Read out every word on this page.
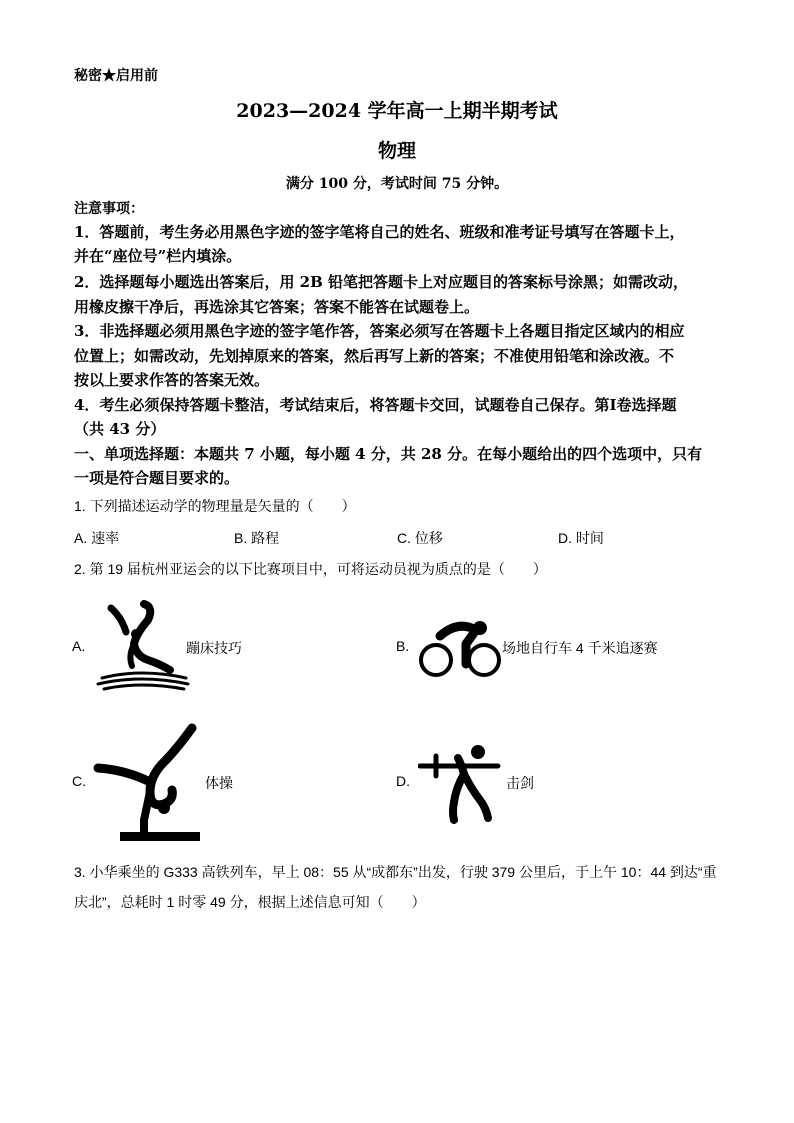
秘密★启用前
2023—2024 学年高一上期半期考试
物理
满分 100 分，考试时间 75 分钟。
注意事项：
1．答题前，考生务必用黑色字迹的签字笔将自己的姓名、班级和准考证号填写在答题卡上，
并在“座位号”栏内填涂。
2．选择题每小题选出答案后，用 2B 铅笔把答题卡上对应题目的答案标号涂黑；如需改动，
用橡皮擦干净后，再选涂其它答案；答案不能答在试题卷上。
3．非选择题必须用黑色字迹的签字笔作答，答案必须写在答题卡上各题目指定区域内的相应
位置上；如需改动，先划掉原来的答案，然后再写上新的答案；不准使用铅笔和涂改液。不
按以上要求作答的答案无效。
4．考生必须保持答题卡整洁，考试结束后，将答题卡交回，试题卷自己保存。第Ⅰ卷选择题
（共 43 分）
一、单项选择题：本题共 7 小题，每小题 4 分，共 28 分。在每小题给出的四个选项中，只有
一项是符合题目要求的。
1. 下列描述运动学的物理量是矢量的（　　）
A. 速率	B. 路程	C. 位移	D. 时间
2. 第 19 届杭州亚运会的以下比赛项目中，可将运动员视为质点的是（　　）
A.	蹦床技巧	B.	场地自行车 4 千米追逐赛
C.	体操	D.	击剑
3. 小华乘坐的 G333 高铁列车，早上 08：55 从“成都东”出发，行驶 379 公里后，于上午 10：44 到达“重
庆北”，总耗时 1 时零 49 分，根据上述信息可知（　　）
